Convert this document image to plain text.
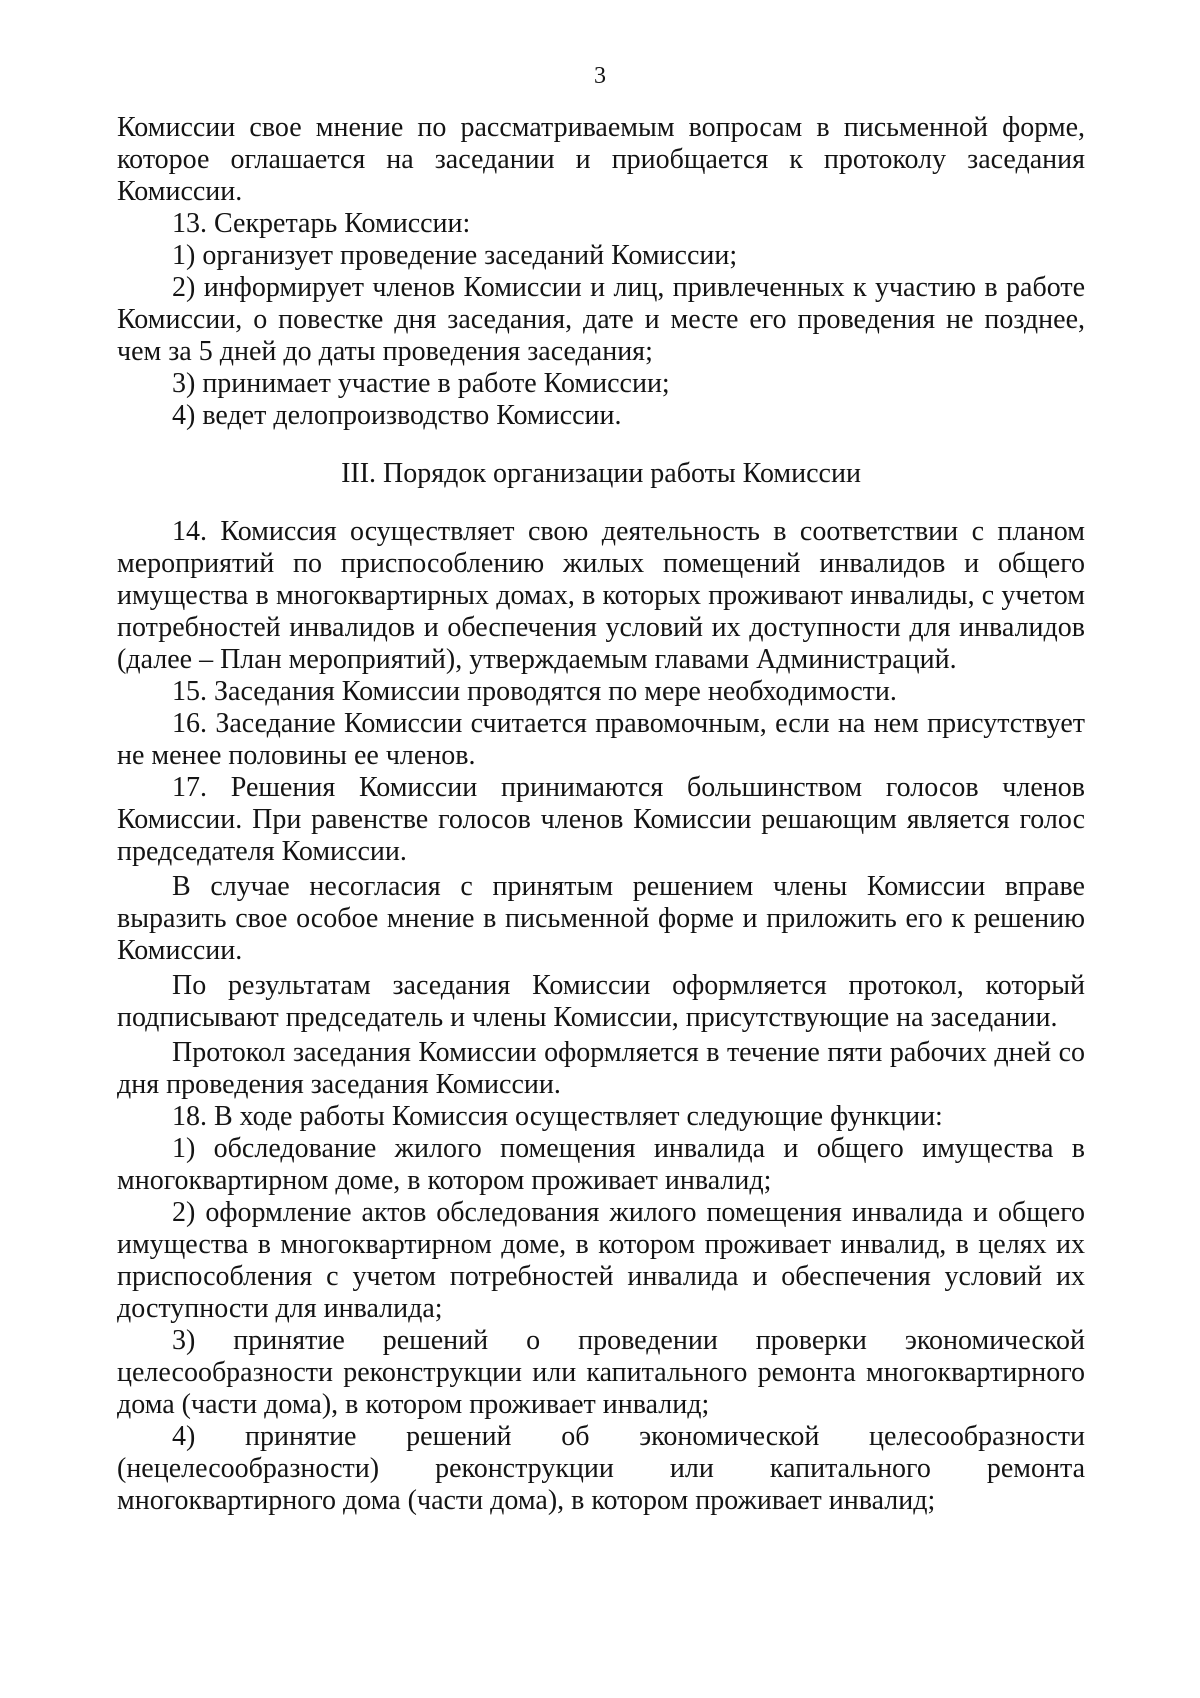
3

Комиссии свое мнение по рассматриваемым вопросам в письменной форме, которое оглашается на заседании и приобщается к протоколу заседания Комиссии.

13. Секретарь Комиссии:

1) организует проведение заседаний Комиссии;

2) информирует членов Комиссии и лиц, привлеченных к участию в работе Комиссии, о повестке дня заседания, дате и месте его проведения не позднее, чем за 5 дней до даты проведения заседания;

3) принимает участие в работе Комиссии;

4) ведет делопроизводство Комиссии.

III. Порядок организации работы Комиссии

14. Комиссия осуществляет свою деятельность в соответствии с планом мероприятий по приспособлению жилых помещений инвалидов и общего имущества в многоквартирных домах, в которых проживают инвалиды, с учетом потребностей инвалидов и обеспечения условий их доступности для инвалидов (далее – План мероприятий), утверждаемым главами Администраций.

15. Заседания Комиссии проводятся по мере необходимости.

16. Заседание Комиссии считается правомочным, если на нем присутствует не менее половины ее членов.

17. Решения Комиссии принимаются большинством голосов членов Комиссии. При равенстве голосов членов Комиссии решающим является голос председателя Комиссии.

В случае несогласия с принятым решением члены Комиссии вправе выразить свое особое мнение в письменной форме и приложить его к решению Комиссии.

По результатам заседания Комиссии оформляется протокол, который подписывают председатель и члены Комиссии, присутствующие на заседании.

Протокол заседания Комиссии оформляется в течение пяти рабочих дней со дня проведения заседания Комиссии.

18. В ходе работы Комиссия осуществляет следующие функции:

1) обследование жилого помещения инвалида и общего имущества в многоквартирном доме, в котором проживает инвалид;

2) оформление актов обследования жилого помещения инвалида и общего имущества в многоквартирном доме, в котором проживает инвалид, в целях их приспособления с учетом потребностей инвалида и обеспечения условий их доступности для инвалида;

3) принятие решений о проведении проверки экономической целесообразности реконструкции или капитального ремонта многоквартирного дома (части дома), в котором проживает инвалид;

4) принятие решений об экономической целесообразности (нецелесообразности) реконструкции или капитального ремонта многоквартирного дома (части дома), в котором проживает инвалид;
